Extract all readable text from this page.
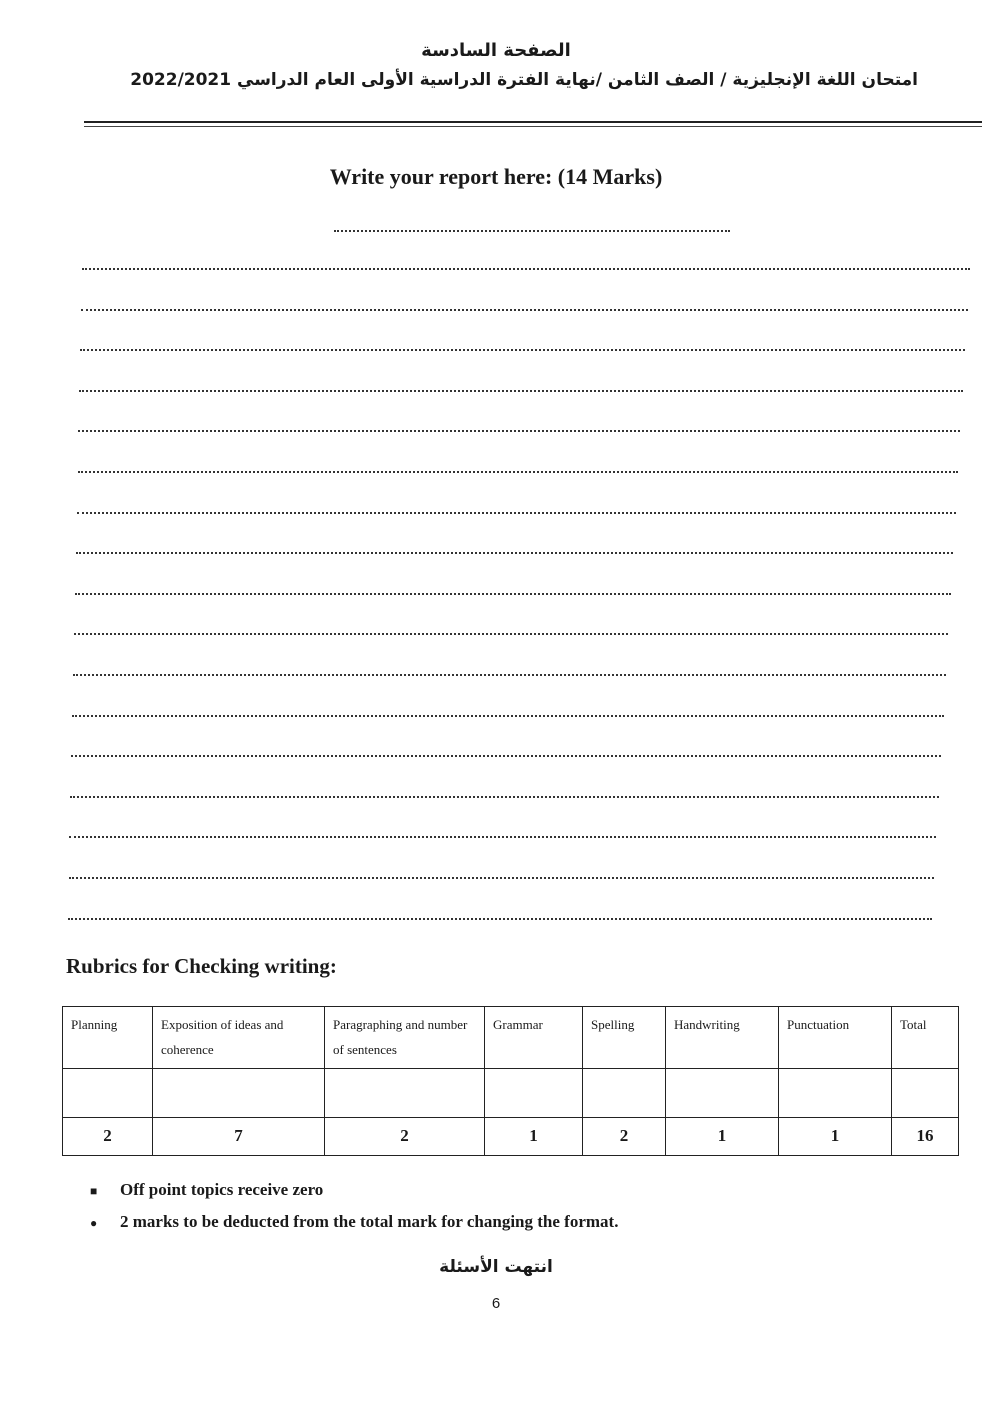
الصفحة السادسة
امتحان اللغة الإنجليزية / الصف الثامن /نهاية الفترة الدراسية الأولى العام الدراسي 2022/2021
Write your report here: (14 Marks)
Rubrics for Checking writing:
Planning	Exposition of ideas and coherence	Paragraphing and number of sentences	Grammar	Spelling	Handwriting	Punctuation	Total

2	7	2	1	2	1	1	16
■ Off point topics receive zero
● 2 marks to be deducted from the total mark for changing the format.
انتهت الأسئلة
6
